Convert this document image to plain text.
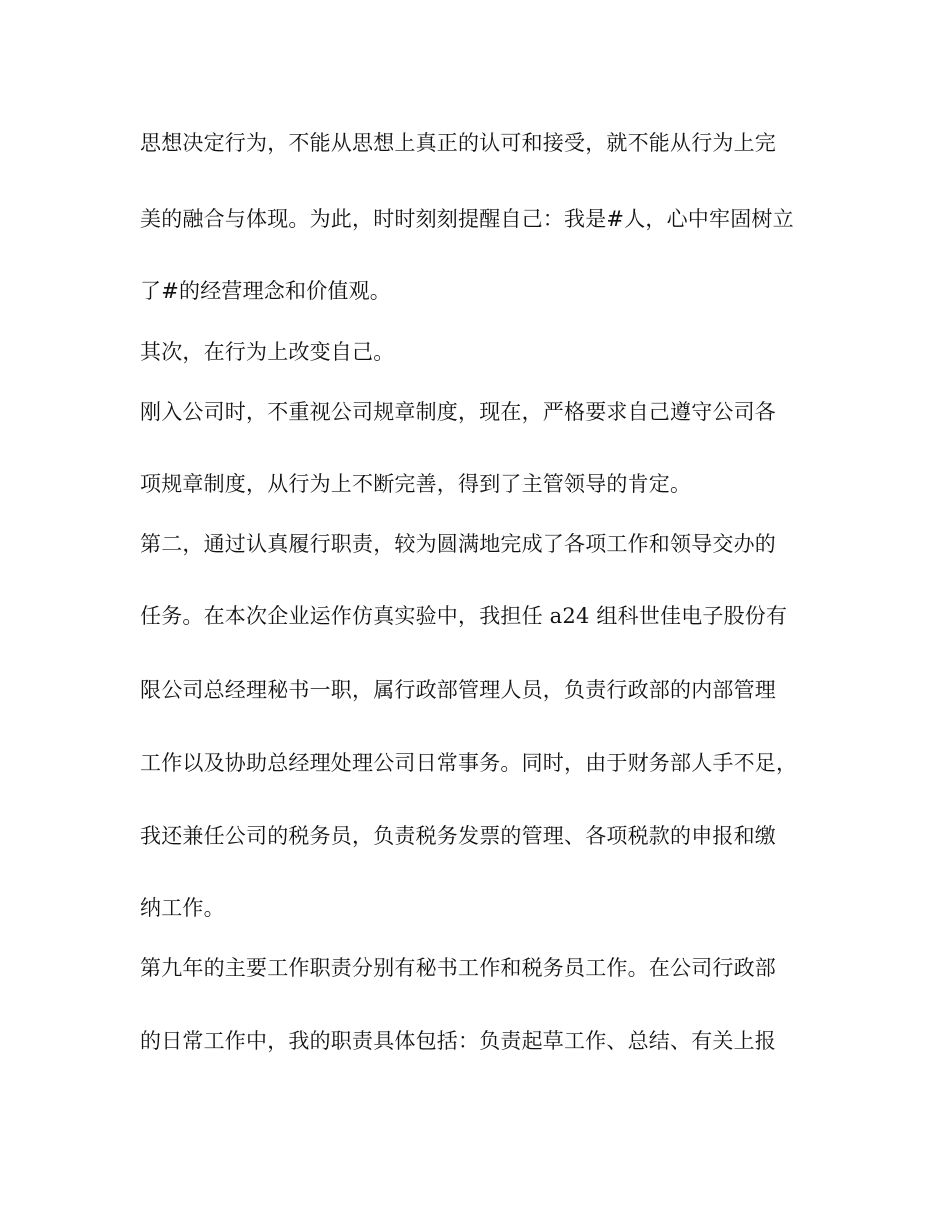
思想决定行为，不能从思想上真正的认可和接受，就不能从行为上完
美的融合与体现。为此，时时刻刻提醒自己：我是#人，心中牢固树立
了#的经营理念和价值观。
其次，在行为上改变自己。
刚入公司时，不重视公司规章制度，现在，严格要求自己遵守公司各
项规章制度，从行为上不断完善，得到了主管领导的肯定。
第二，通过认真履行职责，较为圆满地完成了各项工作和领导交办的
任务。在本次企业运作仿真实验中，我担任 a24 组科世佳电子股份有
限公司总经理秘书一职，属行政部管理人员，负责行政部的内部管理
工作以及协助总经理处理公司日常事务。同时，由于财务部人手不足，
我还兼任公司的税务员，负责税务发票的管理、各项税款的申报和缴
纳工作。
第九年的主要工作职责分别有秘书工作和税务员工作。在公司行政部
的日常工作中，我的职责具体包括：负责起草工作、总结、有关上报
